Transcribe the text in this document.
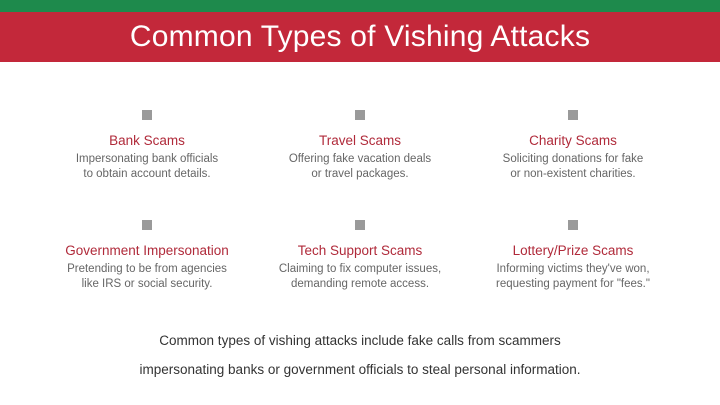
Common Types of Vishing Attacks
Bank Scams
Impersonating bank officials
to obtain account details.
Travel Scams
Offering fake vacation deals
or travel packages.
Charity Scams
Soliciting donations for fake
or non-existent charities.
Government Impersonation
Pretending to be from agencies
like IRS or social security.
Tech Support Scams
Claiming to fix computer issues,
demanding remote access.
Lottery/Prize Scams
Informing victims they've won,
requesting payment for "fees."
Common types of vishing attacks include fake calls from scammers
impersonating banks or government officials to steal personal information.
